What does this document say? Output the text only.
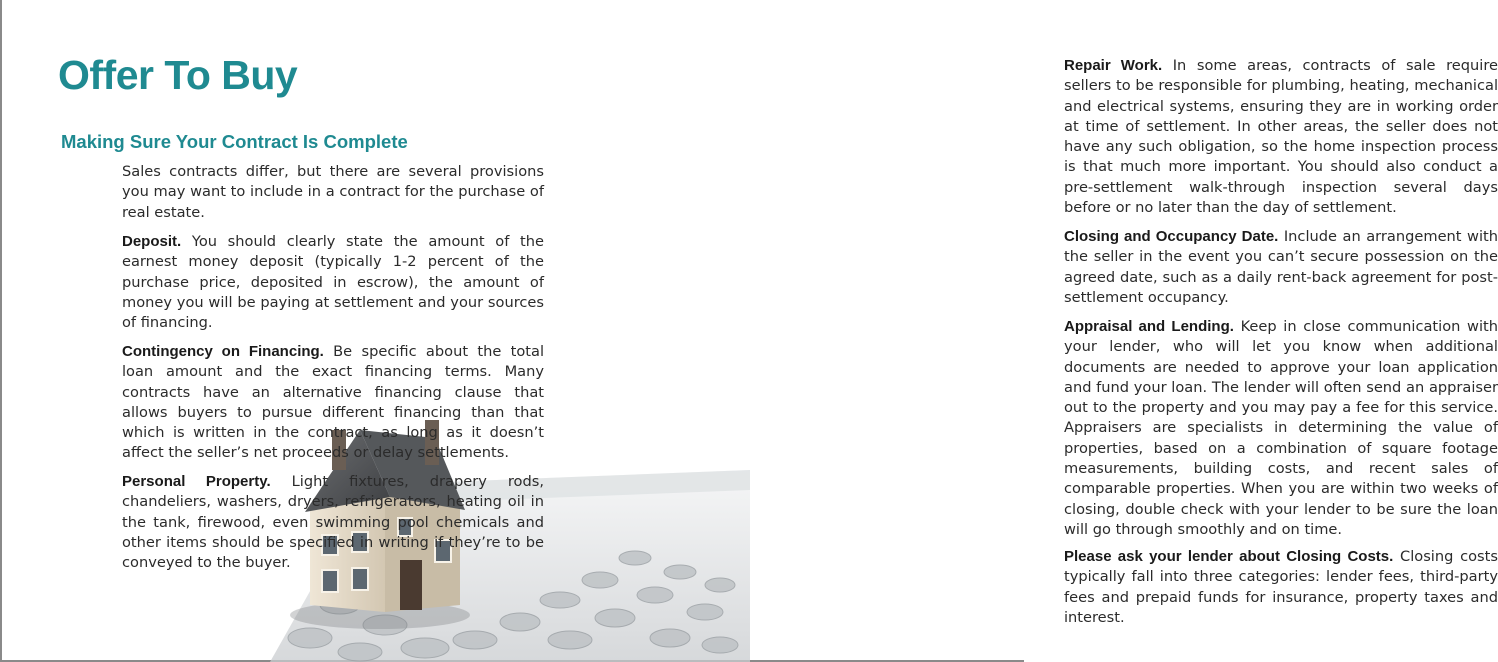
Offer To Buy
Making Sure Your Contract Is Complete

Sales contracts differ, but there are several provisions you may want to include in a contract for the purchase of real estate.

Deposit. You should clearly state the amount of the earnest money deposit (typically 1-2 percent of the purchase price, deposited in escrow), the amount of money you will be paying at settlement and your sources of financing.

Contingency on Financing. Be specific about the total loan amount and the exact financing terms. Many contracts have an alternative financing clause that allows buyers to pursue different financing than that which is written in the contract, as long as it doesn’t affect the seller’s net proceeds or delay settlements.

Personal Property. Light fixtures, drapery rods, chandeliers, washers, dryers, refrigerators, heating oil in the tank, firewood, even swimming pool chemicals and other items should be specified in writing if they’re to be conveyed to the buyer.

Repair Work. In some areas, contracts of sale require sellers to be responsible for plumbing, heating, mechanical and electrical systems, ensuring they are in working order at time of settlement. In other areas, the seller does not have any such obligation, so the home inspection process is that much more important. You should also conduct a pre-settlement walk-through inspection several days before or no later than the day of settlement.

Closing and Occupancy Date. Include an arrangement with the seller in the event you can’t secure possession on the agreed date, such as a daily rent-back agreement for post-settlement occupancy.

Appraisal and Lending. Keep in close communication with your lender, who will let you know when additional documents are needed to approve your loan application and fund your loan. The lender will often send an appraiser out to the property and you may pay a fee for this service. Appraisers are specialists in determining the value of properties, based on a combination of square footage measurements, building costs, and recent sales of comparable properties. When you are within two weeks of closing, double check with your lender to be sure the loan will go through smoothly and on time.

Please ask your lender about Closing Costs. Closing costs typically fall into three categories: lender fees, third-party fees and prepaid funds for insurance, property taxes and interest.
